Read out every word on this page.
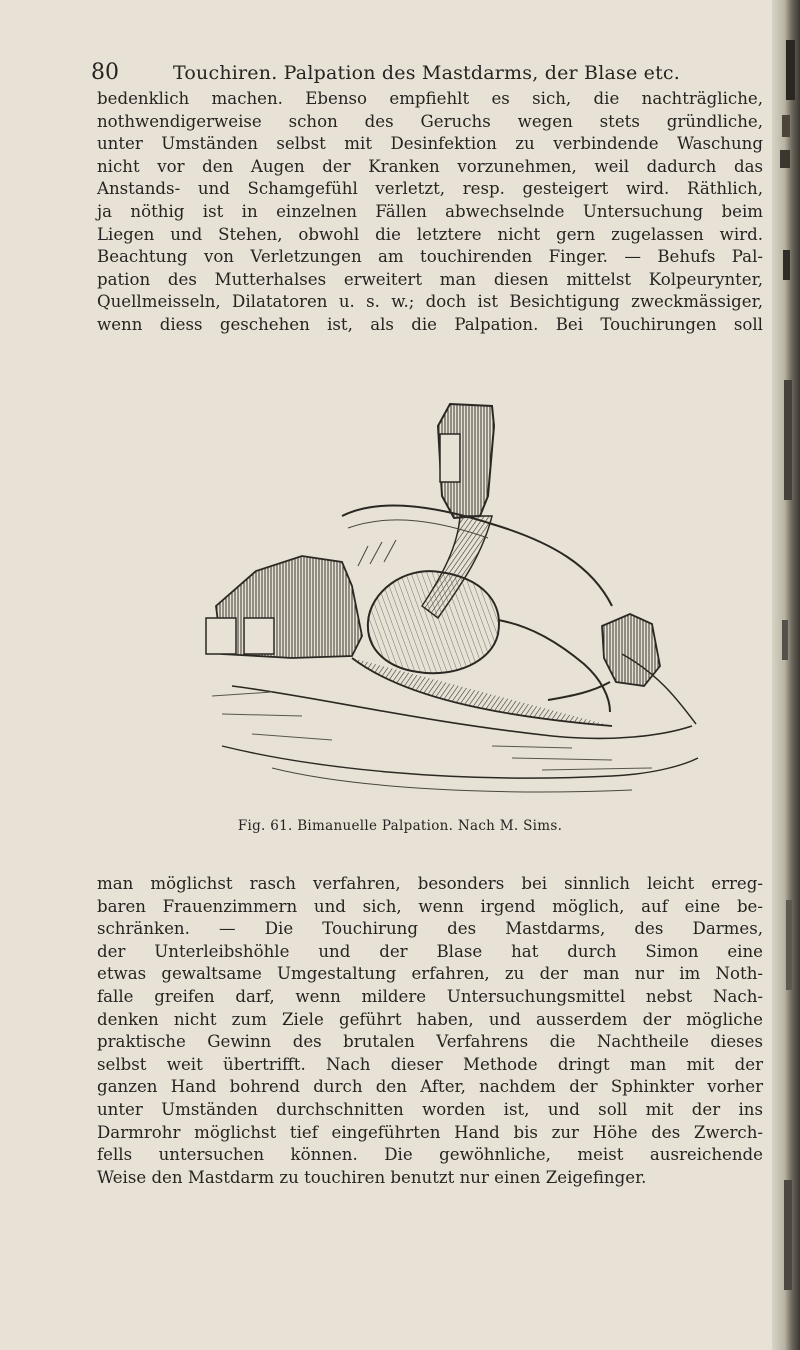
80	Touchiren. Palpation des Mastdarms, der Blase etc.
bedenklich machen. Ebenso empfiehlt es sich, die nachträgliche,
nothwendigerweise schon des Geruchs wegen stets gründliche,
unter Umständen selbst mit Desinfektion zu verbindende Waschung
nicht vor den Augen der Kranken vorzunehmen, weil dadurch das
Anstands- und Schamgefühl verletzt, resp. gesteigert wird. Räthlich,
ja nöthig ist in einzelnen Fällen abwechselnde Untersuchung beim
Liegen und Stehen, obwohl die letztere nicht gern zugelassen wird.
Beachtung von Verletzungen am touchirenden Finger. — Behufs Pal-
pation des Mutterhalses erweitert man diesen mittelst Kolpeurynter,
Quellmeisseln, Dilatatoren u. s. w.; doch ist Besichtigung zweckmässiger,
wenn diess geschehen ist, als die Palpation. Bei Touchirungen soll
Fig. 61. Bimanuelle Palpation. Nach M. Sims.
man möglichst rasch verfahren, besonders bei sinnlich leicht erreg-
baren Frauenzimmern und sich, wenn irgend möglich, auf eine be-
schränken. — Die Touchirung des Mastdarms, des Darmes,
der Unterleibshöhle und der Blase hat durch Simon eine
etwas gewaltsame Umgestaltung erfahren, zu der man nur im Noth-
falle greifen darf, wenn mildere Untersuchungsmittel nebst Nach-
denken nicht zum Ziele geführt haben, und ausserdem der mögliche
praktische Gewinn des brutalen Verfahrens die Nachtheile dieses
selbst weit übertrifft. Nach dieser Methode dringt man mit der
ganzen Hand bohrend durch den After, nachdem der Sphinkter vorher
unter Umständen durchschnitten worden ist, und soll mit der ins
Darmrohr möglichst tief eingeführten Hand bis zur Höhe des Zwerch-
fells untersuchen können. Die gewöhnliche, meist ausreichende
Weise den Mastdarm zu touchiren benutzt nur einen Zeigefinger.
